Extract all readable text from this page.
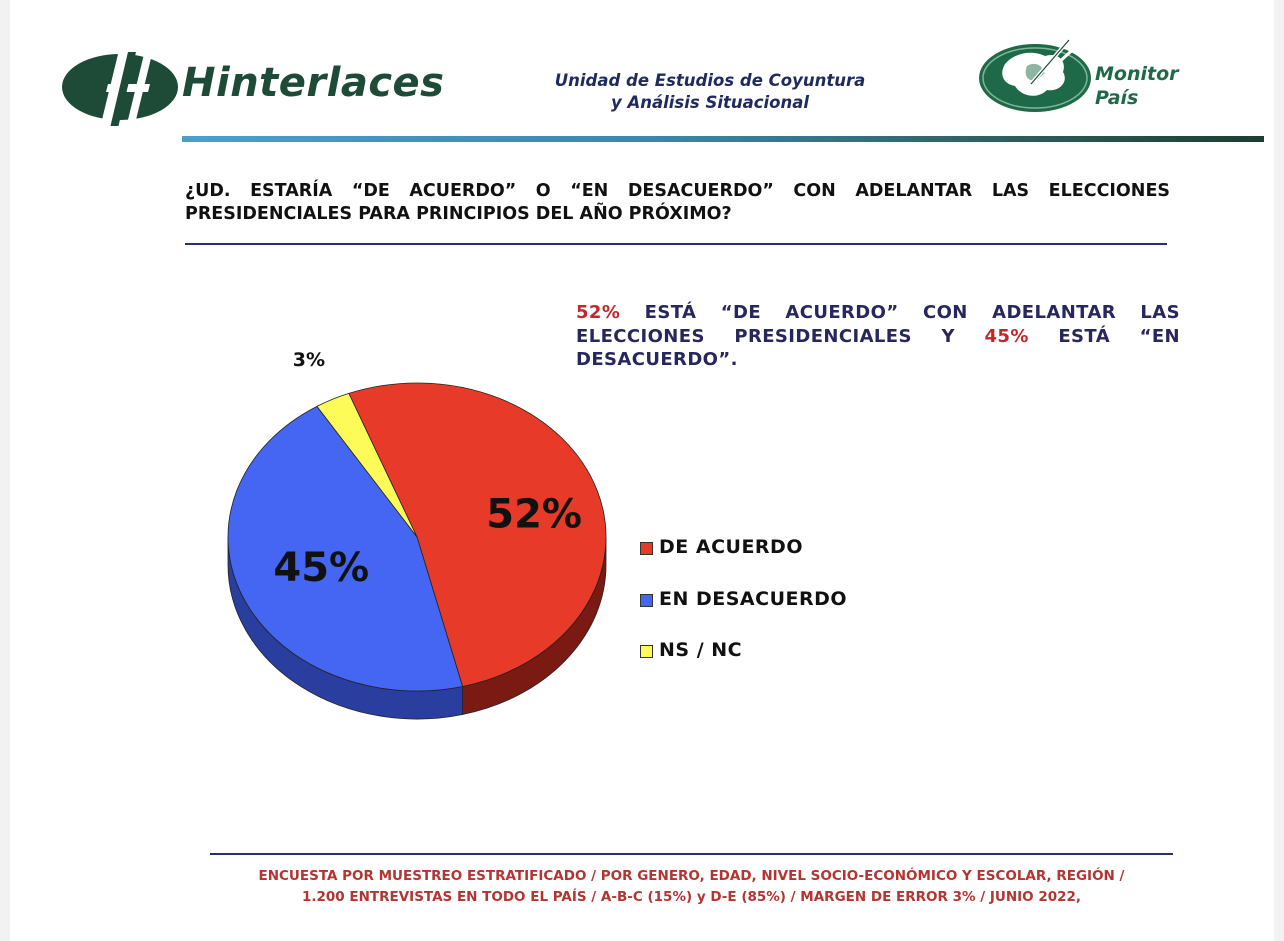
Hinterlaces	Unidad de Estudios de Coyuntura
y Análisis Situacional
Monitor
País
¿UD. ESTARÍA “DE ACUERDO” O “EN DESACUERDO” CON ADELANTAR LAS ELECCIONES PRESIDENCIALES PARA PRINCIPIOS DEL AÑO PRÓXIMO?
52% ESTÁ “DE ACUERDO” CON ADELANTAR LAS ELECCIONES PRESIDENCIALES Y 45% ESTÁ “EN DESACUERDO”.
52%
45%
3%
DE ACUERDO
EN DESACUERDO
NS / NC
ENCUESTA POR MUESTREO ESTRATIFICADO / POR GENERO, EDAD, NIVEL SOCIO-ECONÓMICO Y ESCOLAR, REGIÓN /
1.200 ENTREVISTAS EN TODO EL PAÍS / A-B-C (15%) y D-E (85%) / MARGEN DE ERROR 3% / JUNIO 2022,
